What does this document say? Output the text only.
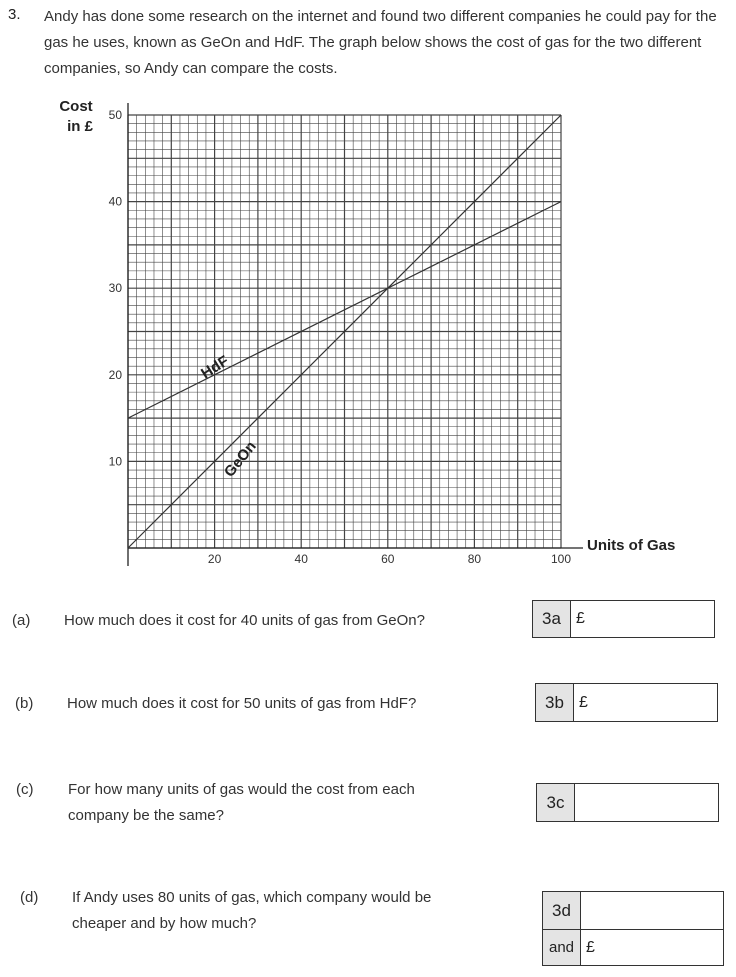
3. Andy has done some research on the internet and found two different companies he could pay for the gas he uses, known as GeOn and HdF. The graph below shows the cost of gas for the two different companies, so Andy can compare the costs.
20	40	60	80	100
10
20
30
40
50
Cost
in £
Units of Gas
HdF
GeOn
(a) How much does it cost for 40 units of gas from GeOn?	3a £
(b) How much does it cost for 50 units of gas from HdF?	3b £
(c) For how many units of gas would the cost from each
company be the same?
3c
(d) If Andy uses 80 units of gas, which company would be
cheaper and by how much?
3d
and £
